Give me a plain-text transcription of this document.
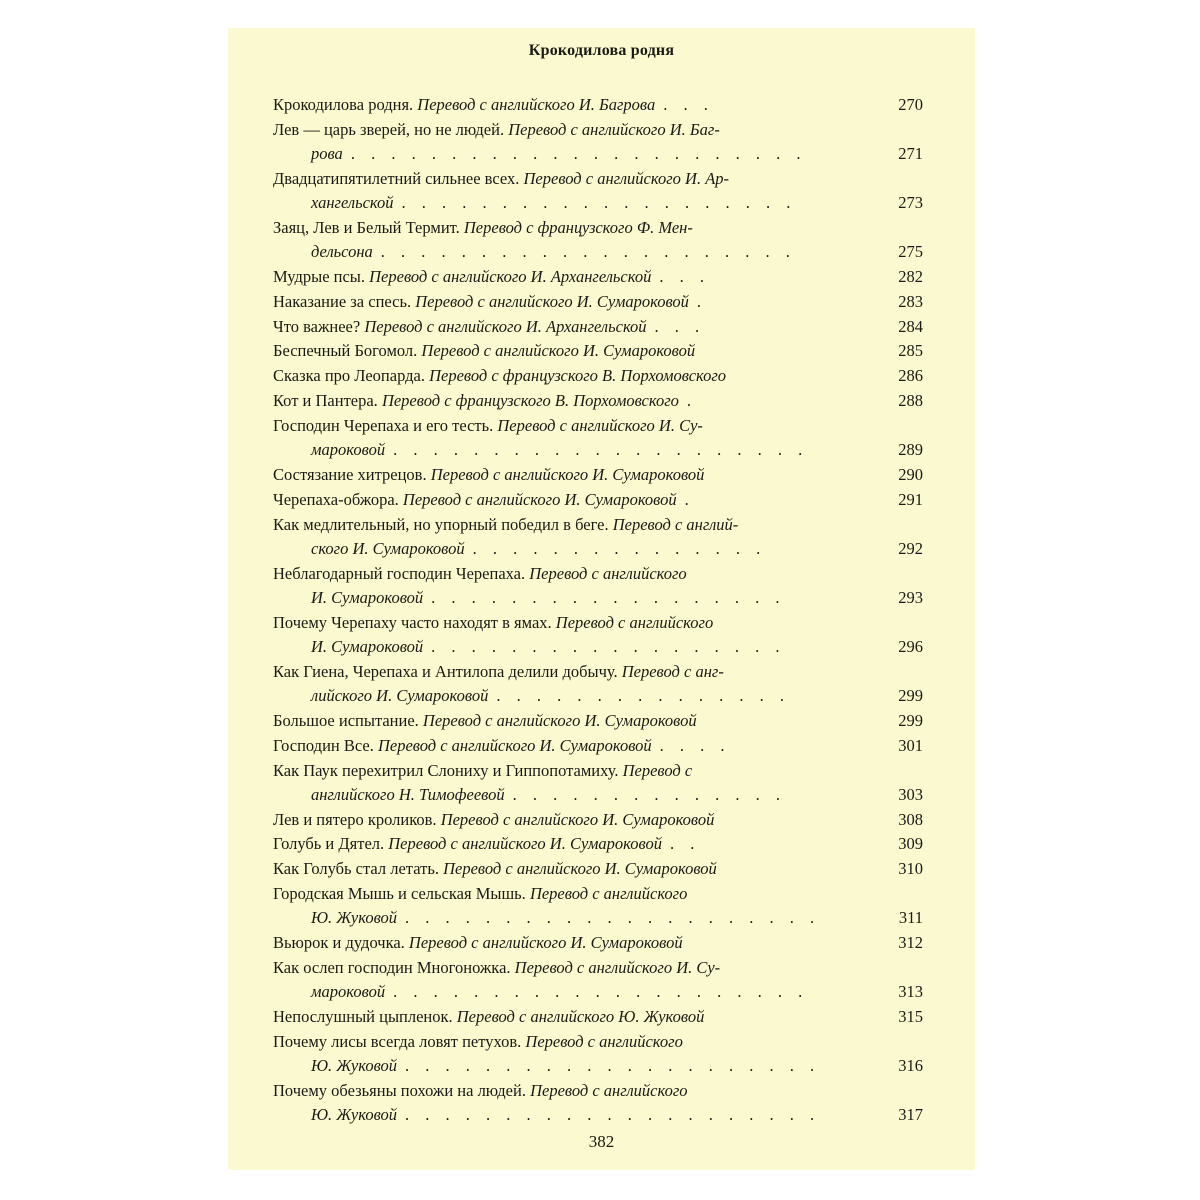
Крокодилова родня
Крокодилова родня. Перевод с английского И. Багрова . . .	270
Лев — царь зверей, но не людей. Перевод с английского И. Баг-
рова . . . . . . . . . . . . . . . . . . . . . . .	271
Двадцатипятилетний сильнее всех. Перевод с английского И. Ар-
хангельской . . . . . . . . . . . . . . . . . . . .	273
Заяц, Лев и Белый Термит. Перевод с французского Ф. Мен-
дельсона . . . . . . . . . . . . . . . . . . . . .	275
Мудрые псы. Перевод с английского И. Архангельской . . .	282
Наказание за спесь. Перевод с английского И. Сумароковой .	283
Что важнее? Перевод с английского И. Архангельской . . .	284
Беспечный Богомол. Перевод с английского И. Сумароковой	285
Сказка про Леопарда. Перевод с французского В. Порхомовского	286
Кот и Пантера. Перевод с французского В. Порхомовского .	288
Господин Черепаха и его тесть. Перевод с английского И. Су-
мароковой . . . . . . . . . . . . . . . . . . . . .	289
Состязание хитрецов. Перевод с английского И. Сумароковой	290
Черепаха-обжора. Перевод с английского И. Сумароковой .	291
Как медлительный, но упорный победил в беге. Перевод с англий-
ского И. Сумароковой . . . . . . . . . . . . . . .	292
Неблагодарный господин Черепаха. Перевод с английского
И. Сумароковой . . . . . . . . . . . . . . . . . .	293
Почему Черепаху часто находят в ямах. Перевод с английского
И. Сумароковой . . . . . . . . . . . . . . . . . .	296
Как Гиена, Черепаха и Антилопа делили добычу. Перевод с анг-
лийского И. Сумароковой . . . . . . . . . . . . . . .	299
Большое испытание. Перевод с английского И. Сумароковой	299
Господин Все. Перевод с английского И. Сумароковой . . . .	301
Как Паук перехитрил Слониху и Гиппопотамиху. Перевод с
английского Н. Тимофеевой . . . . . . . . . . . . . .	303
Лев и пятеро кроликов. Перевод с английского И. Сумароковой	308
Голубь и Дятел. Перевод с английского И. Сумароковой . .	309
Как Голубь стал летать. Перевод с английского И. Сумароковой	310
Городская Мышь и сельская Мышь. Перевод с английского
Ю. Жуковой . . . . . . . . . . . . . . . . . . . . .	311
Вьюрок и дудочка. Перевод с английского И. Сумароковой	312
Как ослеп господин Многоножка. Перевод с английского И. Су-
мароковой . . . . . . . . . . . . . . . . . . . . .	313
Непослушный цыпленок. Перевод с английского Ю. Жуковой	315
Почему лисы всегда ловят петухов. Перевод с английского
Ю. Жуковой . . . . . . . . . . . . . . . . . . . . .	316
Почему обезьяны похожи на людей. Перевод с английского
Ю. Жуковой . . . . . . . . . . . . . . . . . . . . .	317
382
